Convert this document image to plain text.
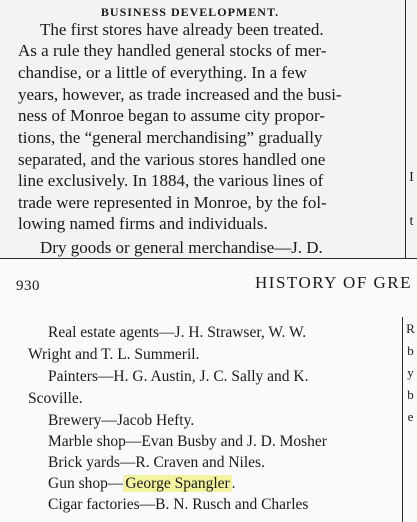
BUSINESS DEVELOPMENT.
The first stores have already been treated.
As a rule they handled general stocks of mer-
chandise, or a little of everything. In a few
years, however, as trade increased and the busi-
ness of Monroe began to assume city propor-
tions, the “general merchandising” gradually
separated, and the various stores handled one
line exclusively. In 1884, the various lines of
trade were represented in Monroe, by the fol-
lowing named firms and individuals.
Dry goods or general merchandise—J. D.
I
t
930	HISTORY OF GRE
Real estate agents—J. H. Strawser, W. W.
Wright and T. L. Summeril.
Painters—H. G. Austin, J. C. Sally and K.
Scoville.
Brewery—Jacob Hefty.
Marble shop—Evan Busby and J. D. Mosher
Brick yards—R. Craven and Niles.
Gun shop— George Spangler .
Cigar factories—B. N. Rusch and Charles
R
b
y
b
e
